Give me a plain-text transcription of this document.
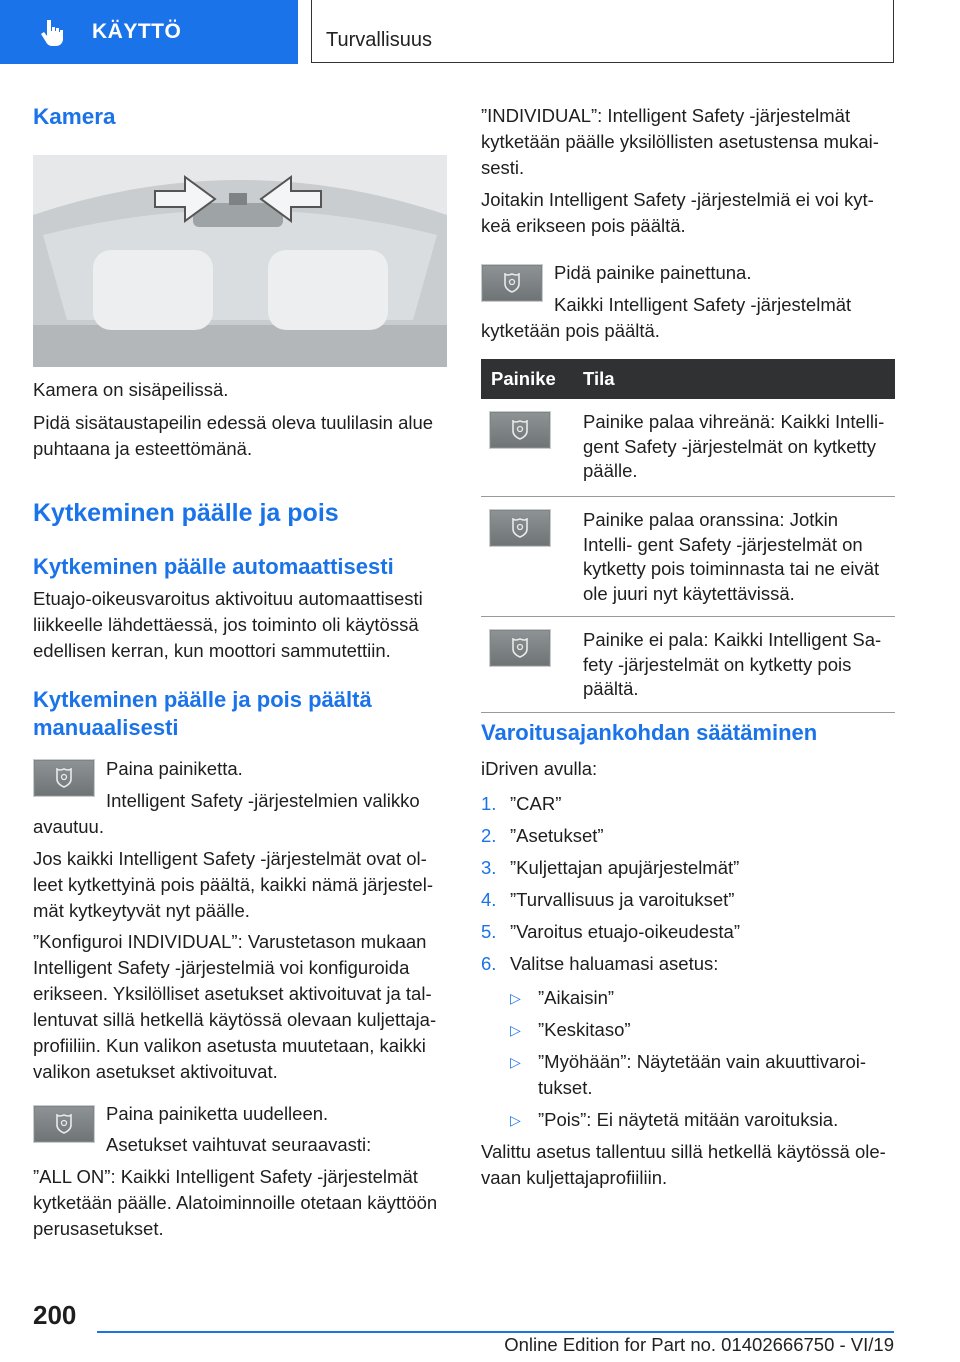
KÄYTTÖ	Turvallisuus
Kamera

Kamera on sisäpeilissä.

Pidä sisätaustapeilin edessä oleva tuulilasin alue

puhtaana ja esteettömänä.

Kytkeminen päälle ja pois
Kytkeminen päälle automaattisesti

Etuajo-oikeusvaroitus aktivoituu automaattisesti

liikkeelle lähdettäessä, jos toiminto oli käytössä

edellisen kerran, kun moottori sammutettiin.

Kytkeminen päälle ja pois päältä
manuaalisesti

Paina painiketta.

Intelligent Safety -järjestelmien valikko

avautuu.

Jos kaikki Intelligent Safety -järjestelmät ovat ol-

leet kytkettyinä pois päältä, kaikki nämä järjestel-

mät kytkeytyvät nyt päälle.

”Konfiguroi INDIVIDUAL”: Varustetason mukaan

Intelligent Safety -järjestelmiä voi konfiguroida

erikseen. Yksilölliset asetukset aktivoituvat ja tal-

lentuvat sillä hetkellä käytössä olevaan kuljettaja-

profiiliin. Kun valikon asetusta muutetaan, kaikki

valikon asetukset aktivoituvat.

Paina painiketta uudelleen.

Asetukset vaihtuvat seuraavasti:

”ALL ON”: Kaikki Intelligent Safety -järjestelmät

kytketään päälle. Alatoiminnoille otetaan käyttöön

perusasetukset.

”INDIVIDUAL”: Intelligent Safety -järjestelmät

kytketään päälle yksilöllisten asetustensa mukai-

sesti.

Joitakin Intelligent Safety -järjestelmiä ei voi kyt-

keä erikseen pois päältä.

Pidä painike painettuna.

Kaikki Intelligent Safety -järjestelmät

kytketään pois päältä.

Painike	Tila

	Painike palaa vihreänä: Kaikki Intelli- gent Safety -järjestelmät on kytketty päälle.

	Painike palaa oranssina: Jotkin Intelli- gent Safety -järjestelmät on kytketty pois toiminnasta tai ne eivät ole juuri nyt käytettävissä.

	Painike ei pala: Kaikki Intelligent Sa- fety -järjestelmät on kytketty pois päältä.
Varoitusajankohdan säätäminen

iDriven avulla:

1. ”CAR”
2. ”Asetukset”
3. ”Kuljettajan apujärjestelmät”
4. ”Turvallisuus ja varoitukset”
5. ”Varoitus etuajo-oikeudesta”
6. Valitse haluamasi asetus:
▷ ”Aikaisin”

▷ ”Keskitaso”

▷ ”Myöhään”: Näytetään vain akuuttivaroi-

tukset.

▷ ”Pois”: Ei näytetä mitään varoituksia.

Valittu asetus tallentuu sillä hetkellä käytössä ole-

vaan kuljettajaprofiiliin.

200
Online Edition for Part no. 01402666750 - VI/19
